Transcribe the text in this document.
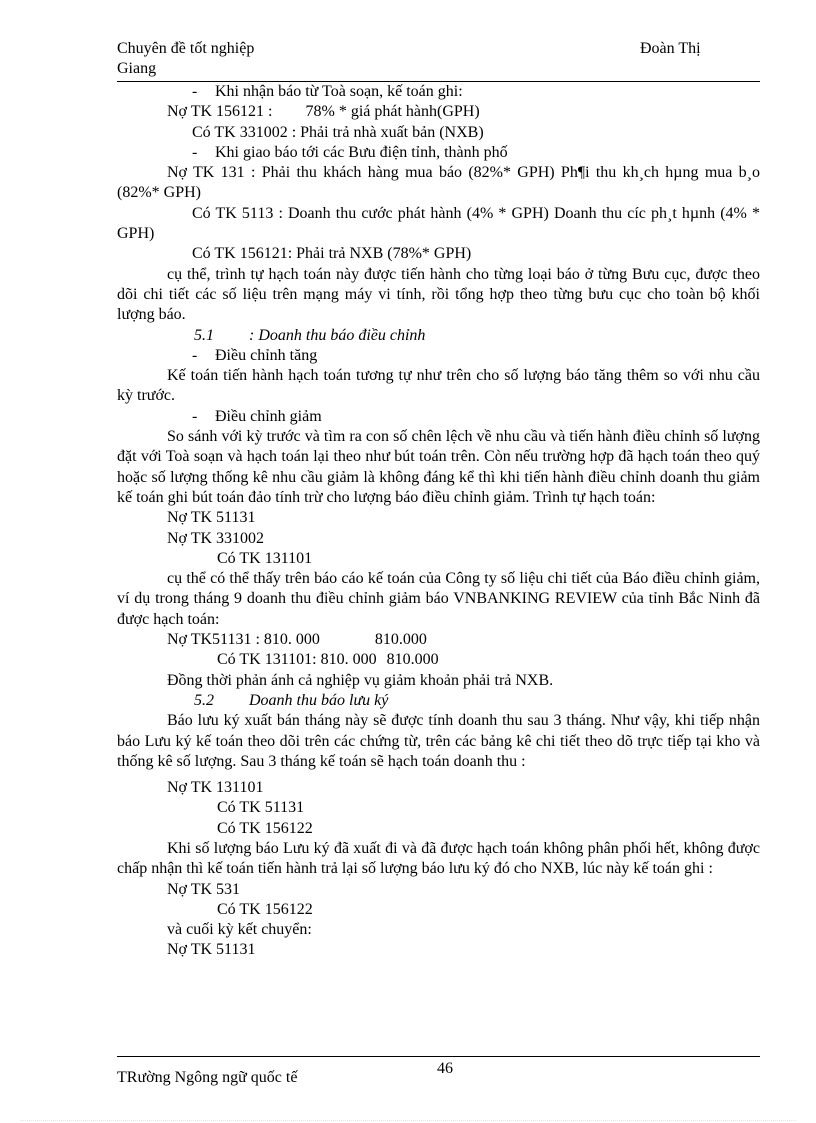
Chuyên đề tốt nghiệp	Đoàn Thị
Giang

- Khi nhận báo từ Toà soạn, kế toán ghi:

Nợ TK 156121 : 78% * giá phát hành(GPH)

Có TK 331002 : Phải trả nhà xuất bản (NXB)

- Khi giao báo tới các Bưu điện tỉnh, thành phố

Nợ TK 131 : Phải thu khách hàng mua báo (82%* GPH) Ph¶i thu kh¸ch hµng mua b¸o (82%* GPH)

Có TK 5113 : Doanh thu cước phát hành (4% * GPH) Doanh thu cíc ph¸t hµnh (4% * GPH)

Có TK 156121: Phải trả NXB (78%* GPH)

cụ thể, trình tự hạch toán này được tiến hành cho từng loại báo ở từng Bưu cục, được theo dõi chi tiết các số liệu trên mạng máy vi tính, rồi tổng hợp theo từng bưu cục cho toàn bộ khối lượng báo.

5.1 : Doanh thu báo điều chỉnh

- Điều chỉnh tăng

Kế toán tiến hành hạch toán tương tự như trên cho số lượng báo tăng thêm so với nhu cầu kỳ trước.

- Điều chỉnh giảm

So sánh với kỳ trước và tìm ra con số chên lệch về nhu cầu và tiến hành điều chỉnh số lượng đặt với Toà soạn và hạch toán lại theo như bút toán trên. Còn nếu trường hợp đã hạch toán theo quý hoặc số lượng thống kê nhu cầu giảm là không đáng kể thì khi tiến hành điều chỉnh doanh thu giảm kế toán ghi bút toán đảo tính trừ cho lượng báo điều chỉnh giảm. Trình tự hạch toán:

Nợ TK 51131

Nợ TK 331002

Có TK 131101

cụ thể có thể thấy trên báo cáo kế toán của Công ty số liệu chi tiết của Báo điều chỉnh giảm, ví dụ trong tháng 9 doanh thu điều chỉnh giảm báo VNBANKING REVIEW của tỉnh Bắc Ninh đã được hạch toán:

Nợ TK51131 : 810. 000	810.000

Có TK 131101: 810. 000 810.000

Đồng thời phản ánh cả nghiệp vụ giảm khoản phải trả NXB.

5.2 Doanh thu báo lưu ký

Báo lưu ký xuất bán tháng này sẽ được tính doanh thu sau 3 tháng. Như vậy, khi tiếp nhận báo Lưu ký kế toán theo dõi trên các chứng từ, trên các bảng kê chi tiết theo dõ trực tiếp tại kho và thống kê số lượng. Sau 3 tháng kế toán sẽ hạch toán doanh thu :

Nợ TK 131101

Có TK 51131

Có TK 156122

Khi số lượng báo Lưu ký đã xuất đi và đã được hạch toán không phân phối hết, không được chấp nhận thì kế toán tiến hành trả lại số lượng báo lưu ký đó cho NXB, lúc này kế toán ghi :

Nợ TK 531

Có TK 156122

và cuối kỳ kết chuyển:

Nợ TK 51131

TRường Ngông ngữ quốc tế
46
